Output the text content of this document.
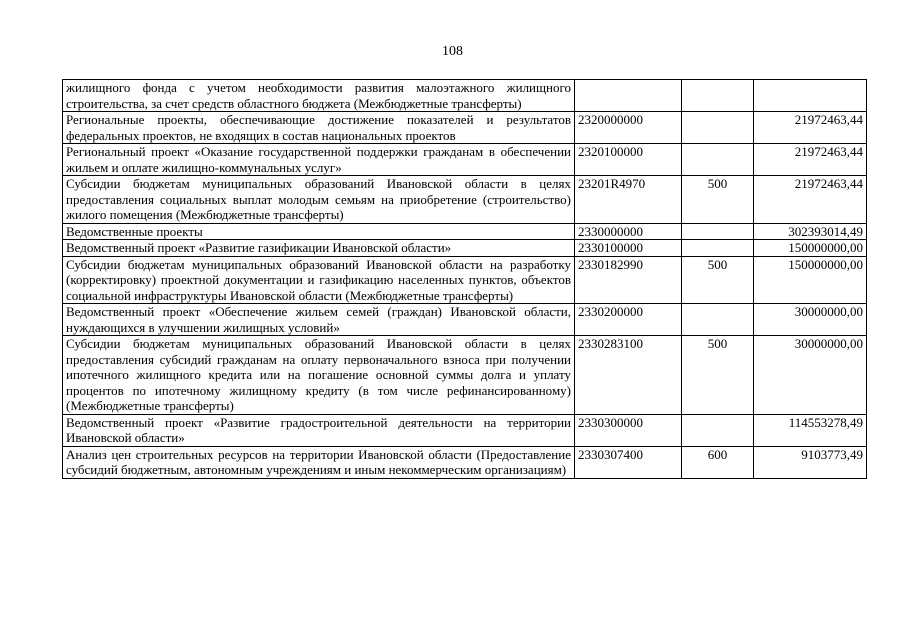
108
жилищного фонда с учетом необходимости развития малоэтажного жилищного строительства, за счет средств областного бюджета (Межбюджетные трансферты)			
Региональные проекты, обеспечивающие достижение показателей и результатов федеральных проектов, не входящих в состав национальных проектов	2320000000		21972463,44
Региональный проект «Оказание государственной поддержки гражданам в обеспечении жильем и оплате жилищно-коммунальных услуг»	2320100000		21972463,44
Субсидии бюджетам муниципальных образований Ивановской области в целях предоставления социальных выплат молодым семьям на приобретение (строительство) жилого помещения (Межбюджетные трансферты)	23201R4970	500	21972463,44
Ведомственные проекты	2330000000		302393014,49
Ведомственный проект «Развитие газификации Ивановской области»	2330100000		150000000,00
Субсидии бюджетам муниципальных образований Ивановской области на разработку (корректировку) проектной документации и газификацию населенных пунктов, объектов социальной инфраструктуры Ивановской области (Межбюджетные трансферты)	2330182990	500	150000000,00
Ведомственный проект «Обеспечение жильем семей (граждан) Ивановской области, нуждающихся в улучшении жилищных условий»	2330200000		30000000,00
Субсидии бюджетам муниципальных образований Ивановской области в целях предоставления субсидий гражданам на оплату первоначального взноса при получении ипотечного жилищного кредита или на погашение основной суммы долга и уплату процентов по ипотечному жилищному кредиту (в том числе рефинансированному) (Межбюджетные трансферты)	2330283100	500	30000000,00
Ведомственный проект «Развитие градостроительной деятельности на территории Ивановской области»	2330300000		114553278,49
Анализ цен строительных ресурсов на территории Ивановской области (Предоставление субсидий бюджетным, автономным учреждениям и иным некоммерческим организациям)	2330307400	600	9103773,49
